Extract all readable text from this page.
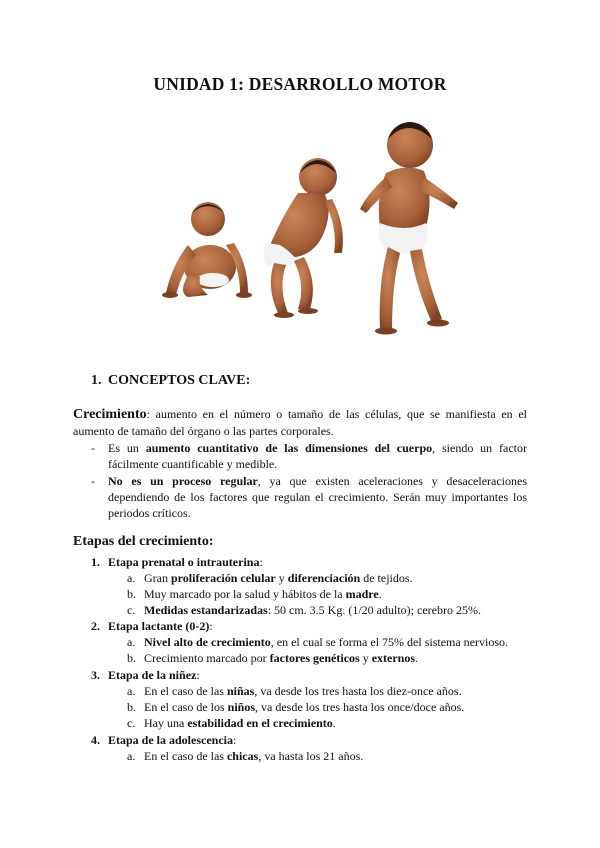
UNIDAD 1: DESARROLLO MOTOR
1. CONCEPTOS CLAVE:
Crecimiento: aumento en el número o tamaño de las células, que se manifiesta en el aumento de tamaño del órgano o las partes corporales.
- Es un aumento cuantitativo de las dimensiones del cuerpo, siendo un factor fácilmente cuantificable y medible.
- No es un proceso regular, ya que existen aceleraciones y desaceleraciones dependiendo de los factores que regulan el crecimiento. Serán muy importantes los periodos críticos.
Etapas del crecimiento:
1. Etapa prenatal o intrauterina:
a. Gran proliferación celular y diferenciación de tejidos.
b. Muy marcado por la salud y hábitos de la madre.
c. Medidas estandarizadas: 50 cm. 3.5 Kg. (1/20 adulto); cerebro 25%.
2. Etapa lactante (0-2):
a. Nivel alto de crecimiento, en el cual se forma el 75% del sistema nervioso.
b. Crecimiento marcado por factores genéticos y externos.
3. Etapa de la niñez:
a. En el caso de las niñas, va desde los tres hasta los diez-once años.
b. En el caso de los niños, va desde los tres hasta los once/doce años.
c. Hay una estabilidad en el crecimiento.
4. Etapa de la adolescencia:
a. En el caso de las chicas, va hasta los 21 años.
